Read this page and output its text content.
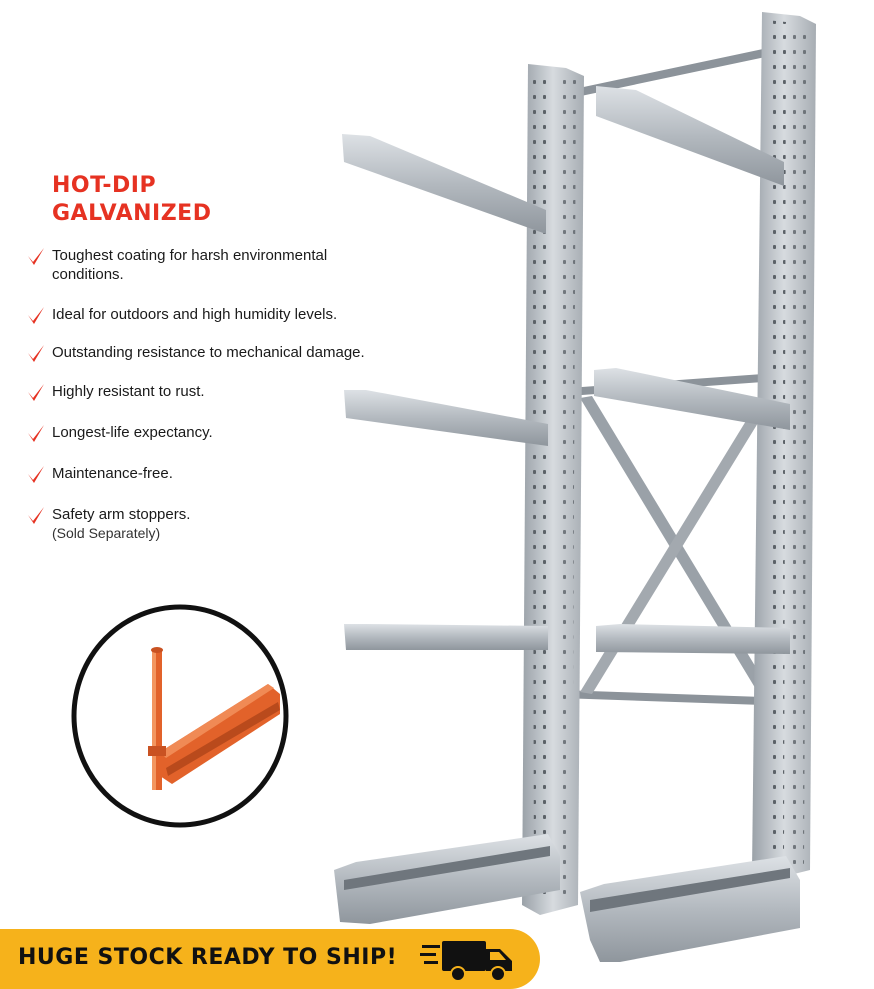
HOT-DIP
GALVANIZED
Toughest coating for harsh environmental conditions.
Ideal for outdoors and high humidity levels.
Outstanding resistance to mechanical damage.
Highly resistant to rust.
Longest-life expectancy.
Maintenance-free.
Safety arm stoppers.
(Sold Separately)
HUGE STOCK READY TO SHIP!
